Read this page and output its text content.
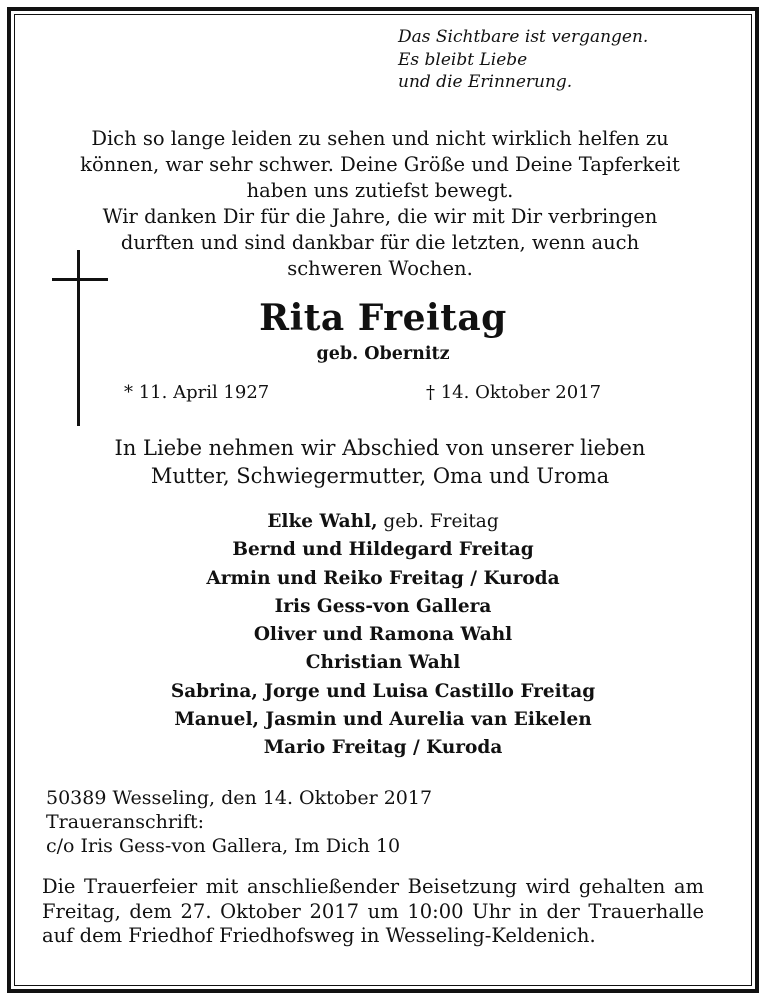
Das Sichtbare ist vergangen.
Es bleibt Liebe
und die Erinnerung.
Dich so lange leiden zu sehen und nicht wirklich helfen zu
können, war sehr schwer. Deine Größe und Deine Tapferkeit
haben uns zutiefst bewegt.
Wir danken Dir für die Jahre, die wir mit Dir verbringen
durften und sind dankbar für die letzten, wenn auch
schweren Wochen.
Rita Freitag
geb. Obernitz
* 11. April 1927	† 14. Oktober 2017
In Liebe nehmen wir Abschied von unserer lieben
Mutter, Schwiegermutter, Oma und Uroma
Elke Wahl, geb. Freitag
Bernd und Hildegard Freitag
Armin und Reiko Freitag / Kuroda
Iris Gess-von Gallera
Oliver und Ramona Wahl
Christian Wahl
Sabrina, Jorge und Luisa Castillo Freitag
Manuel, Jasmin und Aurelia van Eikelen
Mario Freitag / Kuroda
50389 Wesseling, den 14. Oktober 2017
Traueranschrift:
c/o Iris Gess-von Gallera, Im Dich 10
Die Trauerfeier mit anschließender Beisetzung wird gehalten am Freitag, dem 27. Oktober 2017 um 10:00 Uhr in der Trauerhalle auf dem Friedhof Friedhofsweg in Wesseling-Keldenich.
